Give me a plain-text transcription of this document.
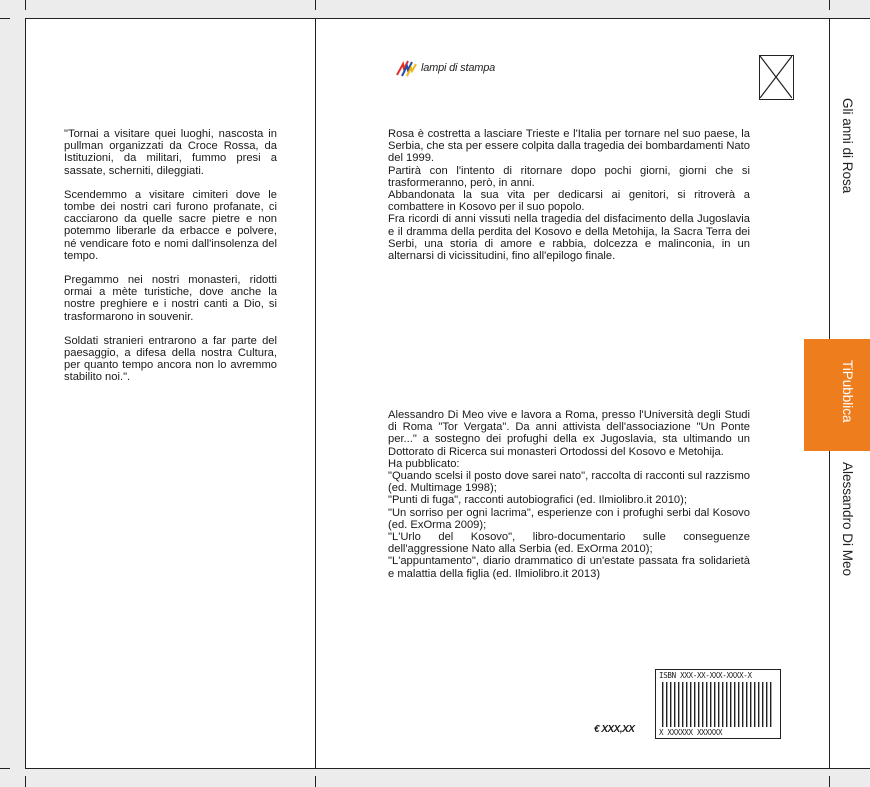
"Tornai a visitare quei luoghi, nascosta in pullman organizzati da Croce Rossa, da Istituzioni, da militari, fummo presi a sassate, scherniti, dileggiati.

Scendemmo a visitare cimiteri dove le tombe dei nostri cari furono profanate, ci cacciarono da quelle sacre pietre e non potemmo liberarle da erbacce e polvere, né vendicare foto e nomi dall'insolenza del tempo.

Pregammo nei nostri monasteri, ridotti ormai a mète turistiche, dove anche la nostre preghiere e i nostri canti a Dio, si trasformarono in souvenir.

Soldati stranieri entrarono a far parte del paesaggio, a difesa della nostra Cultura, per quanto tempo ancora non lo avremmo stabilito noi.".

lampi di stampa

Rosa è costretta a lasciare Trieste e l'Italia per tornare nel suo paese, la Serbia, che sta per essere colpita dalla tragedia dei bombardamenti Nato del 1999.

Partirà con l'intento di ritornare dopo pochi giorni, giorni che si trasformeranno, però, in anni.

Abbandonata la sua vita per dedicarsi ai genitori, si ritroverà a combattere in Kosovo per il suo popolo.

Fra ricordi di anni vissuti nella tragedia del disfacimento della Jugoslavia e il dramma della perdita del Kosovo e della Metohija, la Sacra Terra dei Serbi, una storia di amore e rabbia, dolcezza e malinconia, in un alternarsi di vicissitudini, fino all'epilogo finale.

Alessandro Di Meo vive e lavora a Roma, presso l'Università degli Studi di Roma "Tor Vergata". Da anni attivista dell'associazione "Un Ponte per..." a sostegno dei profughi della ex Jugoslavia, sta ultimando un Dottorato di Ricerca sui monasteri Ortodossi del Kosovo e Metohija.

Ha pubblicato:

"Quando scelsi il posto dove sarei nato", raccolta di racconti sul razzismo (ed. Multimage 1998);

"Punti di fuga", racconti autobiografici (ed. Ilmiolibro.it 2010);

"Un sorriso per ogni lacrima", esperienze con i profughi serbi dal Kosovo (ed. ExOrma 2009);

"L'Urlo del Kosovo", libro-documentario sulle conseguenze dell'aggressione Nato alla Serbia (ed. ExOrma 2010);

"L'appuntamento", diario drammatico di un'estate passata fra solidarietà e malattia della figlia (ed. Ilmiolibro.it 2013)

€ XXX,XX
ISBN XXX-XX-XXX-XXXX-X
X XXXXXX XXXXXX
Gli anni di Rosa
TiPubblica
Alessandro Di Meo
